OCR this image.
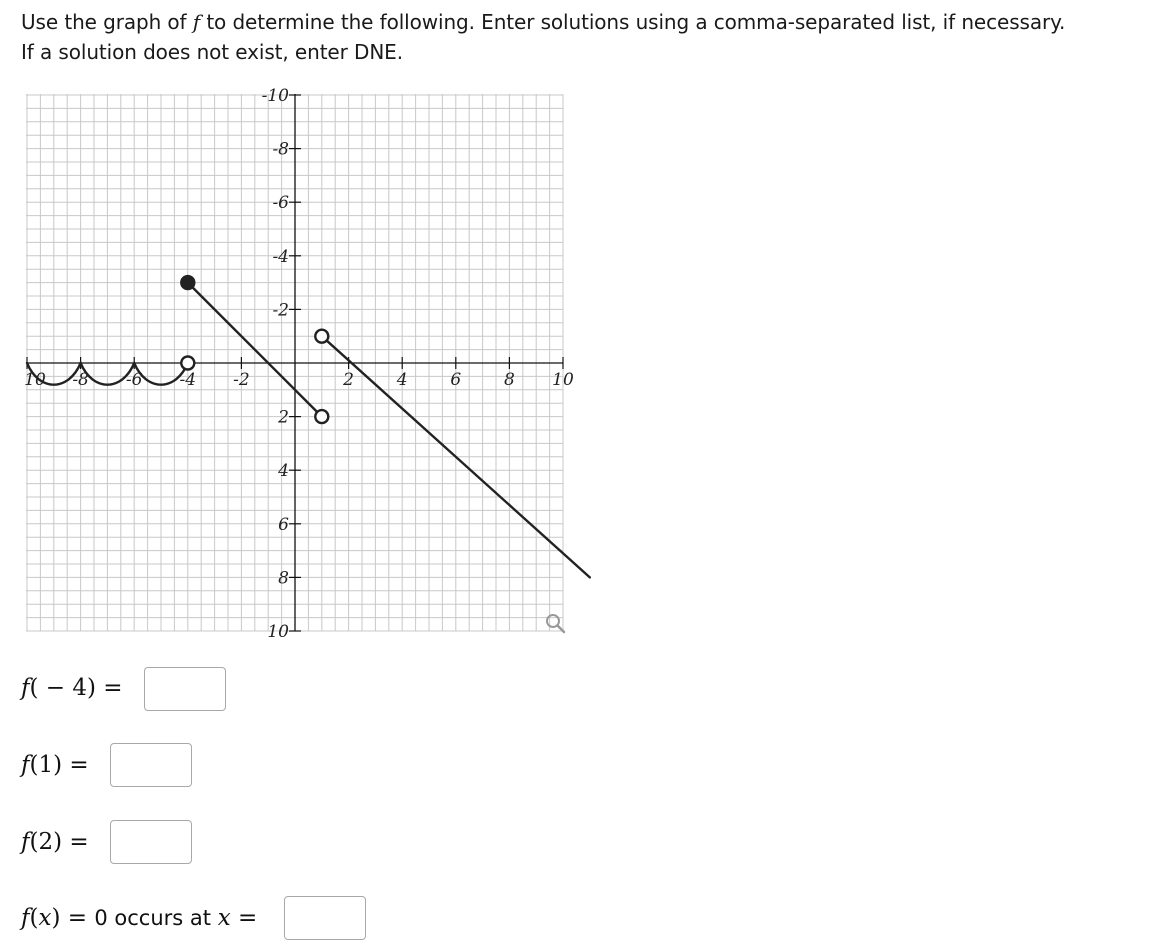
Use the graph of f to determine the following. Enter solutions using a comma-separated list, if necessary.
If a solution does not exist, enter DNE.
10 -8 -6 -4 -2	2	4	6	8 10
10
8
6
4
2
-2
-4
-6
-8
-10
f( − 4) =
f(1) =
f(2) =
f(x) = 0 occurs at x =
